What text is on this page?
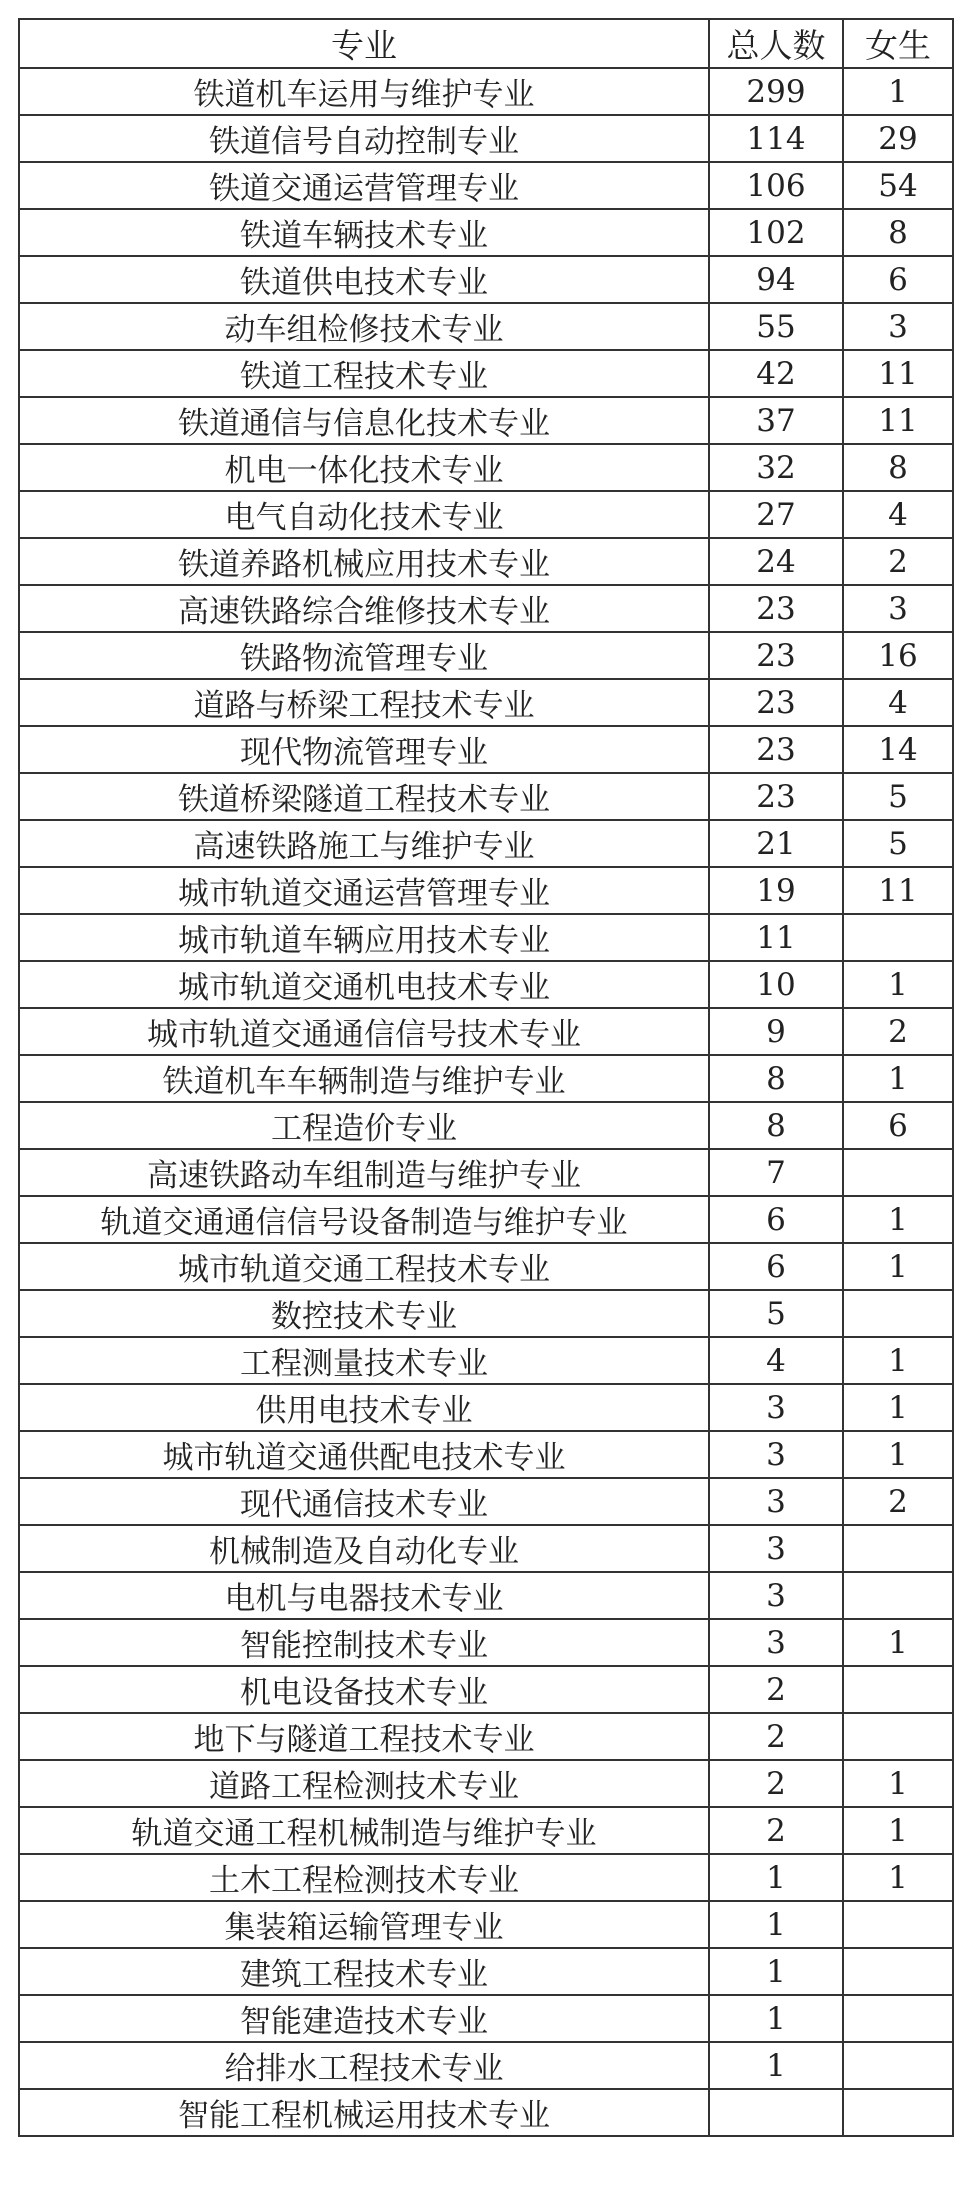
专业	总人数	女生
铁道机车运用与维护专业	299	1
铁道信号自动控制专业	114	29
铁道交通运营管理专业	106	54
铁道车辆技术专业	102	8
铁道供电技术专业	94	6
动车组检修技术专业	55	3
铁道工程技术专业	42	11
铁道通信与信息化技术专业	37	11
机电一体化技术专业	32	8
电气自动化技术专业	27	4
铁道养路机械应用技术专业	24	2
高速铁路综合维修技术专业	23	3
铁路物流管理专业	23	16
道路与桥梁工程技术专业	23	4
现代物流管理专业	23	14
铁道桥梁隧道工程技术专业	23	5
高速铁路施工与维护专业	21	5
城市轨道交通运营管理专业	19	11
城市轨道车辆应用技术专业	11	
城市轨道交通机电技术专业	10	1
城市轨道交通通信信号技术专业	9	2
铁道机车车辆制造与维护专业	8	1
工程造价专业	8	6
高速铁路动车组制造与维护专业	7	
轨道交通通信信号设备制造与维护专业	6	1
城市轨道交通工程技术专业	6	1
数控技术专业	5	
工程测量技术专业	4	1
供用电技术专业	3	1
城市轨道交通供配电技术专业	3	1
现代通信技术专业	3	2
机械制造及自动化专业	3	
电机与电器技术专业	3	
智能控制技术专业	3	1
机电设备技术专业	2	
地下与隧道工程技术专业	2	
道路工程检测技术专业	2	1
轨道交通工程机械制造与维护专业	2	1
土木工程检测技术专业	1	1
集装箱运输管理专业	1	
建筑工程技术专业	1	
智能建造技术专业	1	
给排水工程技术专业	1	
智能工程机械运用技术专业		
